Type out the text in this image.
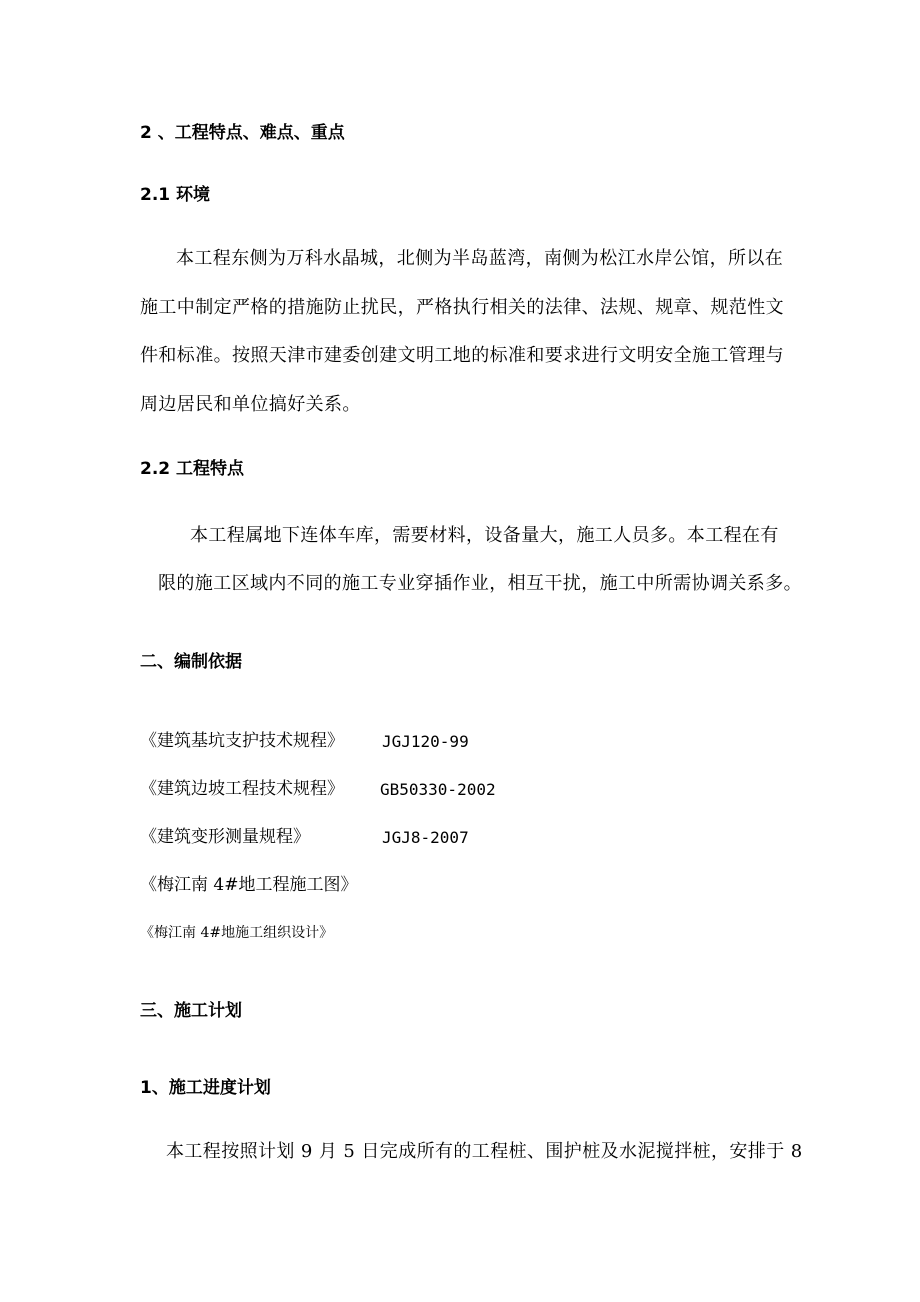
2 、工程特点、难点、重点
2.1 环境
本工程东侧为万科水晶城，北侧为半岛蓝湾，南侧为松江水岸公馆，所以在
施工中制定严格的措施防止扰民，严格执行相关的法律、法规、规章、规范性文
件和标准。按照天津市建委创建文明工地的标准和要求进行文明安全施工管理与
周边居民和单位搞好关系。
2.2 工程特点
本工程属地下连体车库，需要材料，设备量大，施工人员多。本工程在有
限的施工区域内不同的施工专业穿插作业，相互干扰，施工中所需协调关系多。
二、编制依据
《建筑基坑支护技术规程》 JGJ120-99
《建筑边坡工程技术规程》 GB50330-2002
《建筑变形测量规程》	JGJ8-2007
《梅江南 4#地工程施工图》
《梅江南 4#地施工组织设计》
三、施工计划
1、施工进度计划
本工程按照计划 9 月 5 日完成所有的工程桩、围护桩及水泥搅拌桩，安排于 8
